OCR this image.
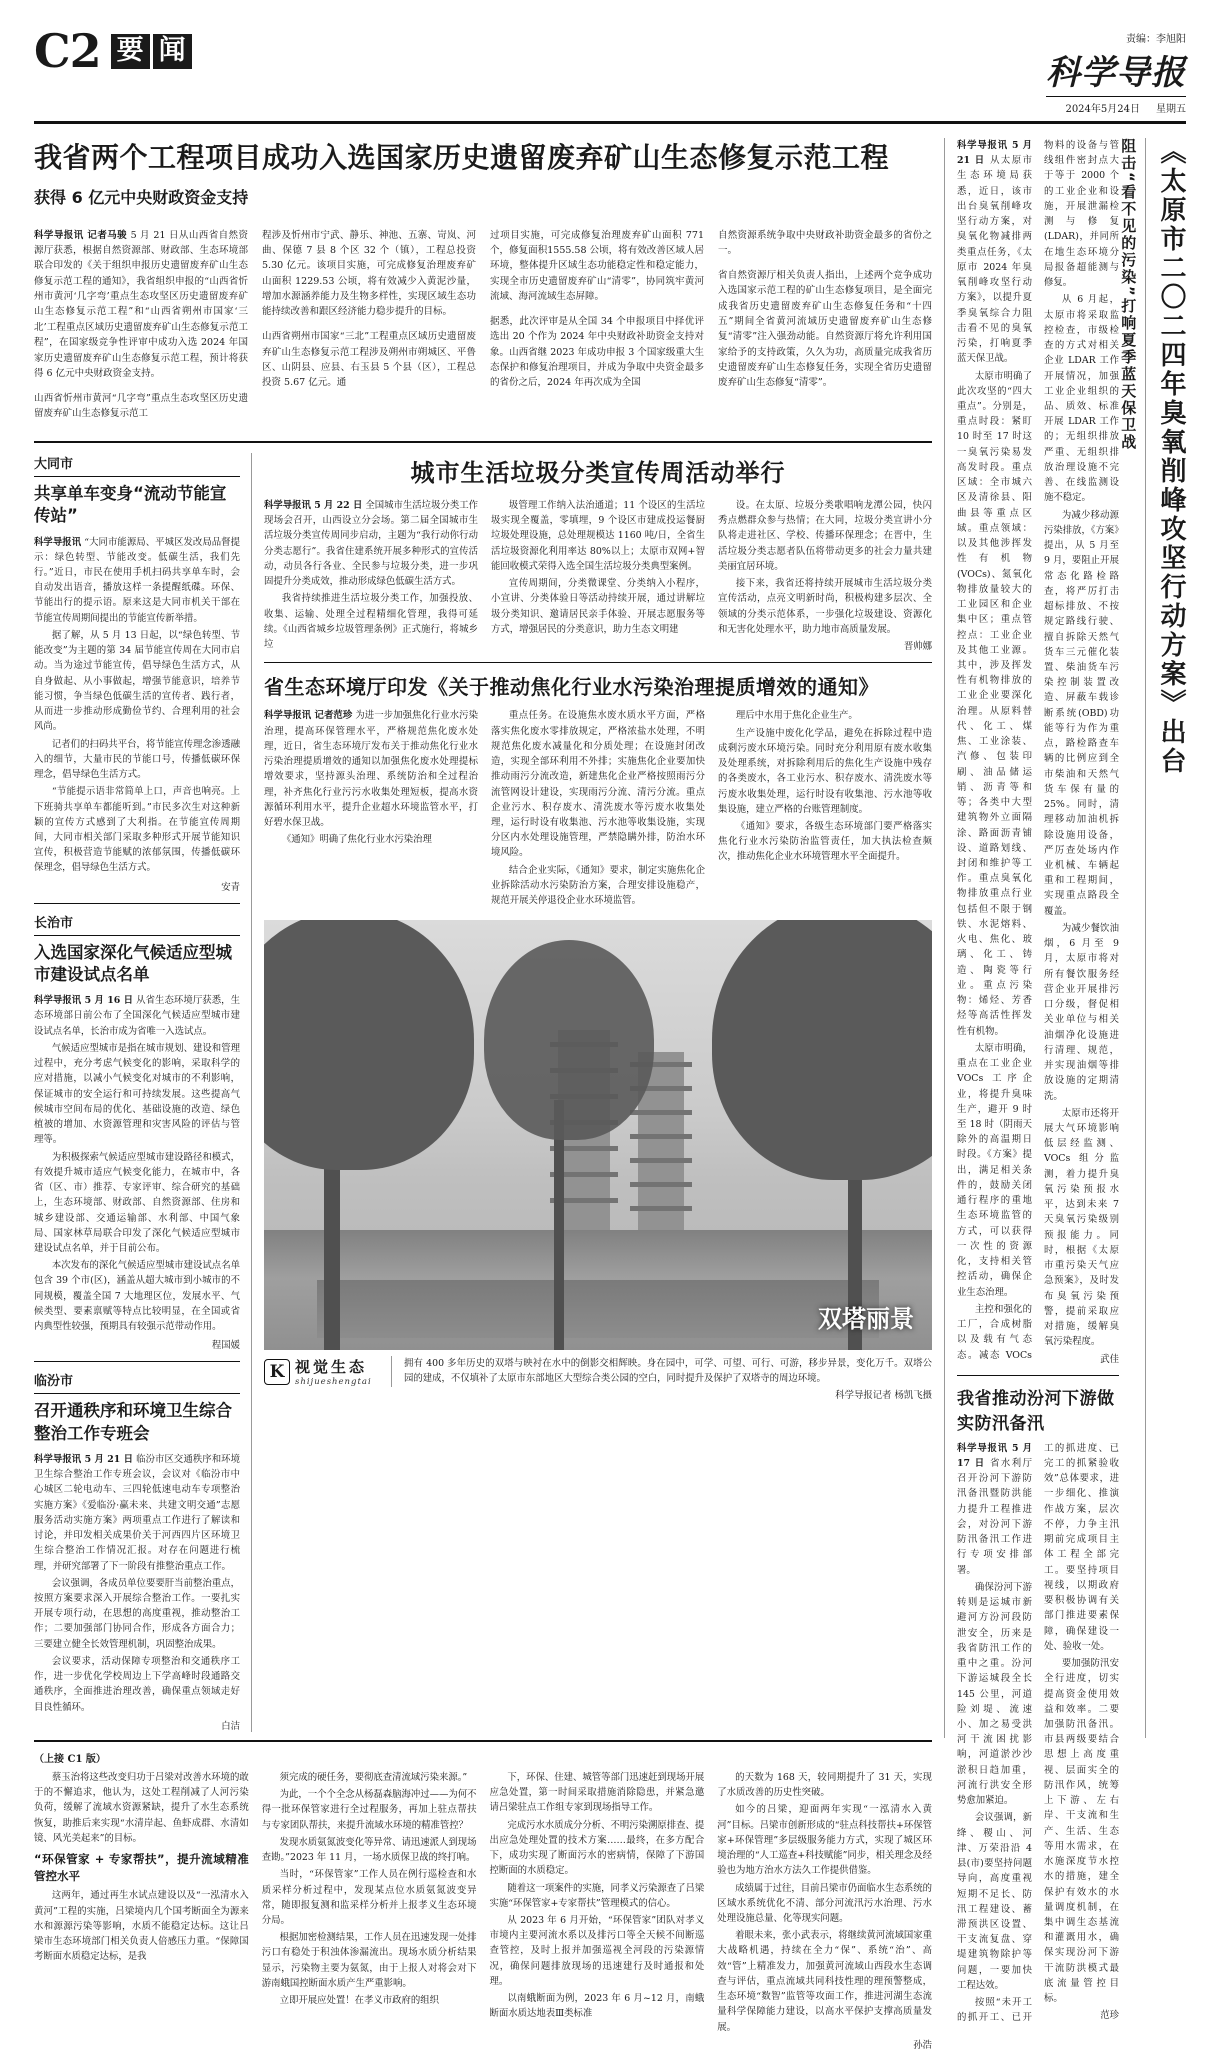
C2 要 闻	责编：李旭阳
科学导报
2024年5月24日 星期五
我省两个工程项目成功入选国家历史遗留废弃矿山生态修复示范工程
获得 6 亿元中央财政资金支持

科学导报讯 记者马骏 5 月 21 日从山西省自然资源厅获悉，根据自然资源部、财政部、生态环境部联合印发的《关于组织申报历史遗留废弃矿山生态修复示范工程的通知》，我省组织申报的“山西省忻州市黄河‘几字弯’重点生态攻坚区历史遗留废弃矿山生态修复示范工程”和“山西省朔州市国家‘三北’工程重点区域历史遗留废弃矿山生态修复示范工程”，在国家级竞争性评审中成功入选 2024 年国家历史遗留废弃矿山生态修复示范工程，预计将获得 6 亿元中央财政资金支持。

山西省忻州市黄河“几字弯”重点生态攻坚区历史遗留废弃矿山生态修复示范工

程涉及忻州市宁武、静乐、神池、五寨、岢岚、河曲、保德 7 县 8 个区 32 个（镇），工程总投资 5.30 亿元。该项目实施，可完成修复治理废弃矿山面积 1229.53 公顷，将有效减少入黄泥沙量，增加水源涵养能力及生物多样性，实现区域生态功能持续改善和跟区经济能力稳步提升的目标。

山西省朔州市国家“三北”工程重点区域历史遗留废弃矿山生态修复示范工程涉及朔州市朔城区、平鲁区、山阴县、应县、右玉县 5 个县（区），工程总投资 5.67 亿元。通

过项目实施，可完成修复治理废弃矿山面积 771 个，修复面积1555.58 公顷，将有效改善区域人居环境，整体提升区域生态功能稳定性和稳定能力，实现全市历史遗留废弃矿山“清零”，协同筑牢黄河流域、海河流域生态屏障。

据悉，此次评审是从全国 34 个申报项目中择优评选出 20 个作为 2024 年中央财政补助资金支持对象。山西省继 2023 年成功申报 3 个国家级重大生态保护和修复治理项目，并成为争取中央资金最多的省份之后，2024 年再次成为全国

自然资源系统争取中央财政补助资金最多的省份之一。

省自然资源厅相关负责人指出，上述两个竞争成功入选国家示范工程的矿山生态修复项目，是全面完成我省历史遗留废弃矿山生态修复任务和“十四五”期间全省黄河流域历史遗留废弃矿山生态修复“清零”注入强劲动能。自然资源厅将允许利用国家给予的支持政策，久久为功，高质量完成我省历史遗留废弃矿山生态修复任务，实现全省历史遗留废弃矿山生态修复“清零”。

大同市
共享单车变身“流动节能宣传站”

科学导报讯 “大同市能源局、平城区发改局品督提示：绿色转型、节能改变。低碳生活，我们先行。”近日，市民在使用手机扫码共享单车时，会自动发出语音，播放这样一条提醒纸碟。环保、节能出行的提示语。原来这是大同市机关干部在节能宣传周期间提出的节能宣传新举措。

据了解，从 5 月 13 日起，以“绿色转型、节能改变”为主题的第 34 届节能宣传周在大同市启动。当为途过节能宣传，倡导绿色生活方式，从自身做起、从小事做起，增强节能意识，培养节能习惯，争当绿色低碳生活的宣传者、践行者，从而进一步推动形成勤俭节约、合理利用的社会风尚。

记者们的扫码共平台，将节能宣传理念渗透融入的细节，大量市民的节能口号，传播低碳环保理念，倡导绿色生活方式。

“节能提示语非常简单上口，声音也响亮。上下班骑共享单车都能听到。”市民多次生对这种新颖的宣传方式感到了大利指。在节能宣传周期间，大同市相关部门采取多种形式开展节能知识宣传，积极营造节能赋的浓郁氛围，传播低碳环保理念，倡导绿色生活方式。

安青
长治市
入选国家深化气候适应型城市建设试点名单

科学导报讯 5 月 16 日 从省生态环境厅获悉，生态环境部日前公布了全国深化气候适应型城市建设试点名单，长治市成为省唯一入选试点。

气候适应型城市是指在城市规划、建设和管理过程中，充分考虑气候变化的影响，采取科学的应对措施，以减小气候变化对城市的不利影响，保证城市的安全运行和可持续发展。这些提高气候城市空间布局的优化、基础设施的改造、绿色植被的增加、水资源管理和灾害风险的评估与管理等。

为积极探索气候适应型城市建设路径和模式，有效提升城市适应气候变化能力，在城市中，各省（区、市）推荐、专家评审、综合研究的基础上，生态环境部、财政部、自然资源部、住房和城乡建设部、交通运输部、水利部、中国气象局、国家林草局联合印发了深化气候适应型城市建设试点名单，并于目前公布。

本次发布的深化气候适应型城市建设试点名单包含 39 个市(区)，涵盖从超大城市到小城市的不同规模，覆盖全国 7 大地理区位，发展水平、气候类型、要素禀赋等特点比较明显，在全国或省内典型性较强，预期具有较强示范带动作用。

程国媛
临汾市
召开通秩序和环境卫生综合整治工作专班会

科学导报讯 5 月 21 日 临汾市区交通秩序和环境卫生综合整治工作专班会议，会议对《临汾市中心城区二轮电动车、三四轮低速电动车专项整治实施方案》《爱临汾·赢未来、共建文明交通”志愿服务活动实施方案》两项重点工作进行了解读和讨论，并印发相关成果价关于河西四片区环境卫生综合整治工作情况汇报。对存在问题进行梳理，并研究部署了下一阶段有推整治重点工作。

会议强调，各成员单位要要肝当前整治重点，按照方案要求深入开展综合整治工作。一要扎实开展专项行动，在思想的高度重视，推动整治工作；二要加强部门协同合作，形成各方面合力；三要建立健全长效管理机制，巩固整治成果。

会议要求，活动保障专项整治和交通秩序工作，进一步优化学校周边上下学高峰时段通路交通秩序，全面推进治理改善，确保重点领域走好目良性循环。

白洁
城市生活垃圾分类宣传周活动举行

科学导报讯 5 月 22 日 全国城市生活垃圾分类工作现场会召开，山西设立分会场。第二届全国城市生活垃圾分类宣传周同步启动，主题为“我行动你行动分类志愿行”。我省住建系统开展多种形式的宣传活动，动员各行各业、全民参与垃圾分类，进一步巩固提升分类成效，推动形成绿色低碳生活方式。

我省持续推进生活垃圾分类工作，加强投放、收集、运输、处理全过程精细化管理，我得可延续。《山西省城乡垃圾管理条例》正式施行，将城乡垃

圾管理工作纳入法治通道；11 个设区的生活垃圾实现全覆盖，零填埋，9 个设区市建成投运餐厨垃圾处理设施，总处理规模达 1160 吨/日，全省生活垃圾资源化利用率达 80%以上；太原市双网+智能回收模式荣得入选全国生活垃圾分类典型案例。

宣传周期间，分类微课堂、分类纳入小程序，小宣讲、分类体验日等活动持续开展，通过讲解垃圾分类知识、邀请居民亲手体验、开展志愿服务等方式，增强居民的分类意识，助力生态文明建

设。在太原、垃圾分类歌唱响龙潭公园，快闪秀点燃群众参与热情；在大同，垃圾分类宣讲小分队将走进社区、学校、传播环保理念；在晋中，生活垃圾分类志愿者队伍将带动更多的社会力量共建美丽宜居环境。

接下来，我省还将持续开展城市生活垃圾分类宣传活动，点亮文明新时尚，积极构建多层次、全领域的分类示范体系，一步强化垃圾建设、资源化和无害化处理水平，助力地市高质量发展。

晋帅娜
省生态环境厅印发《关于推动焦化行业水污染治理提质增效的通知》

科学导报讯 记者范珍 为进一步加强焦化行业水污染治理，提高环保管理水平，严格规范焦化废水处理，近日，省生态环境厅发布关于推动焦化行业水污染治理提质增效的通知以加强焦化废水处理提标增效要求，坚持源头治理、系统防治和全过程治理，补齐焦化行业污污水收集处理短板，提高水资源循环利用水平，提升企业超水环境监管水平，打好碧水保卫战。

《通知》明确了焦化行业水污染治理

重点任务。在设施焦水废水质水平方面，严格落实焦化废水零排放规定，严格浓盐水处理，不明规范焦化废水减量化和分质处理；在设施封闭改造，实现全部环利用不外排；实施焦化企业要加快推动雨污分流改造，新建焦化企业严格按照雨污分流管网设计建设，实现雨污分流、清污分流。重点企业污水、积存废水、清洗废水等污废水收集处理，运行时设有收集池、污水池等收集设施，实现分区内水处理设施管理，严禁隐瞒外排，防治水环境风险。

结合企业实际，《通知》要求，制定实施焦化企业拆除活动水污染防治方案，合理安排设施稳产，规范开展关停退役企业水环境监管。

理后中水用于焦化企业生产。

生产设施中废化化学品，避免在拆除过程中造成剩污废水环境污染。同时充分利用原有废水收集及处理系统，对拆除利用后的焦化生产设施中残存的各类废水，各工业污水、积存废水、清洗废水等污废水收集处理，运行时设有收集池、污水池等收集设施，建立严格的台账管理制度。

《通知》要求，各级生态环境部门要严格落实焦化行业水污染防治监管责任，加大执法检查频次，推动焦化企业水环境管理水平全面提升。

双塔丽景
K 视觉生态
shijueshengtai
拥有 400 多年历史的双塔与映衬在水中的倒影交相辉映。身在园中，可学、可望、可行、可游，移步异景，变化万千。双塔公园的建成，不仅填补了太原市东部地区大型综合类公园的空白，同时提升及保护了双塔寺的周边环境。
科学导报记者 杨凯飞摄
（上接 C1 版）

蔡玉治将这些改变归功于吕梁对改善水环境的敢于的不懈追求，他认为，这处工程削减了人河污染负荷，缓解了流域水资源紧缺，提升了水生态系统恢复，助推后来实现“水清岸起、鱼虾成群、水清如镜、风光美起来”的目标。

“环保管家 + 专家帮扶”，提升流域精准管控水平

这两年，通过再生水试点建设以及“一泓清水入黄河”工程的实施，吕梁境内几个国考断面全为源来水和源源污染等影响，水质不能稳定达标。这让吕梁市生态环境部门相关负责人倍感压力重。“保障国考断面水质稳定达标，是我

须完成的硬任务，要彻底查清流域污染来源。”

为此，一个个全念从杨磊森脑海冲过——为何不得一批环保管家进行全过程服务，再加上驻点帮扶与专家团队帮扶，来提升流域水环境的精准管控？

发现水质氨氮波变化等异常、请迅速派人到现场查勘。”2023 年 11 月，一场水质保卫战的终打响。

当时，“环保管家”工作人员在例行巡检查和水质采样分析过程中，发现某点位水质氨氮波变异常，随即报复测和监采样分析并上报孝义生态环境分局。

根据加密检测结果，工作人员在迅速发现一处排污口有稳处于积浊体渗漏流出。现场水质分析结果显示，污染物主要为氨氮，由于上报人对将会对下游南蛾国控断面水质产生严重影响。

立即开展应处置！在孝义市政府的组织

下，环保、住建、城管等部门迅速赶到现场开展应急处置，第一时间采取措施消除隐患，并紧急邀请吕梁驻点工作组专家到现场指导工作。

完成污水水质成分分析、不明污染溯原排查、提出应急处理处置的技术方案……最终，在多方配合下，成功实现了断面污水的密病情，保障了下游国控断面的水质稳定。

随着这一项案件的实施，同孝义污染源查了吕梁实施“环保管家+专家帮扶”管理模式的信心。

从 2023 年 6 月开始，“环保管家”团队对孝义市境内主要河流水系以及排污口等全天候不间断巡查管控，及时上报并加强巡视全河段的污染源情况，确保问题排放现场的迅速建行及时通报和处理。

以南蛾断面为例，2023 年 6 月~12 月，南蛾断面水质达地表Ⅲ类标准

的天数为 168 天，较同期提升了 31 天，实现了水质改善的历史性突破。

如今的吕梁，迎面两年实现“一泓清水入黄河”目标。吕梁市创新形成的“驻点科技帮扶+环保管家+环保管理”多层级服务能力方式，实现了城区环境治理的“人工巡查+科技赋能”同步，相关理念及经验也为地方治水方法久工作提供借鉴。

成绩属于过往，目前吕梁市仍面临水生态系统的区域水系统优化不清、部分河流汛污水治理、污水处理设施总量、化等现实问题。

着眼未来，张小武表示，将继续黄河流域国家重大战略机遇，持续在全力“保”、系统“治”、高效“管”上精准发力，加强黄河流域山西段水生态调查与评估，重点流域共同科技性理的理预警整成，生态环境“数智”监管等攻面工作，推进河湖生态流量科学保障能力建设，以高水平保护支撑高质量发展。

孙浩
《太原市二〇二四年臭氧削峰攻坚行动方案》出台
阻击“看不见的污染”打响夏季蓝天保卫战

科学导报讯 5 月 21 日 从太原市生态环境局获悉，近日，该市出台臭氧削峰攻坚行动方案，对臭氧化物减排两类重点任务，《太原市 2024 年臭氧削峰攻坚行动方案》，以提升夏季臭氧综合力阻击看不见的臭氧污染，打响夏季蓝天保卫战。

太原市明确了此次攻坚的“四大重点”。分别是，重点时段：紧盯 10 时至 17 时这一臭氧污染易发高发时段。重点区域：全市城六区及清徐县、阳曲县等重点区域。重点领域：以及其他涉挥发性有机物(VOCs)、氮氧化物排放量较大的工业园区和企业集中区；重点管控点：工业企业及其他工业源。其中，涉及挥发性有机物排放的工业企业要深化治理。从原料替代、化工、煤焦、工业涂装、汽修、包装印刷、油品储运销、沥青等和等；各类中大型建筑物外立面隔涂、路面沥青铺设、道路划线、封闭和维护等工作。重点臭氧化物排放重点行业包括但不限于钢铁、水泥熔料、火电、焦化、玻璃、化工、铸造、陶瓷等行业。重点污染物：烯烃、芳香烃等高活性挥发性有机物。

太原市明确，重点在工业企业 VOCs 工序企业，将提升臭味生产，避开 9 时至 18 时（阴雨天除外的高温期日时段。《方案》提出，满足相关条件的，鼓励关闭通行程序的重地生态环境监管的方式，可以获得一次性的资源化，支持相关管控活动，确保企业生态治理。

主控和强化的工厂，合成树脂以及载有气态态。减态 VOCs 物料的设备与管线组件密封点大于等于 2000 个的工业企业和设施，开展泄漏检测与修复(LDAR)，并同所在地生态环境分局报备超能测与修复。

从 6 月起，太原市将采取监控检查，市级检查的方式对相关企业 LDAR 工作开展情况，加强工业企业组织的品、质效、标准开展 LDAR 工作的；无组织排放严重、无组织排放治理设施不完善、在线监测设施不稳定。

为减少移动源污染排放，《方案》提出，从 5 月至 9 月，要阻止开展常态化路检路查，将严厉打击超标排放、不按规定路线行驶、擅自拆除天然气货车三元催化装置、柴油货车污染控制装置改造、屏蔽车载诊断系统(OBD)功能等行为作为重点，路检路查车辆的比例应到全市柴油和天然气货车保有量的 25%。同时，清理移动加油机拆除设施用设备，严厉查处场内作业机械、车辆起重和工程期间，实现重点路段全覆盖。

为减少餐饮油烟，6 月至 9 月，太原市将对所有餐饮服务经营企业开展排污口分级，督促相关业单位与相关油烟净化设施进行清理、规范，并实现油烟等排放设施的定期清洗。

太原市还将开展大气环境影响低层经监测、VOCs 组分监测，着力提升臭氧污染预报水平，达到未来 7 天臭氧污染级别预报能力。同时，根据《太原市重污染天气应急预案》，及时发布臭氧污染预警，提前采取应对措施，缓解臭氧污染程度。

武佳
我省推动汾河下游做实防汛备汛

科学导报讯 5 月 17 日 省水利厅召开汾河下游防汛备汛暨防洪能力提升工程推进会，对汾河下游防汛备汛工作进行专项安排部署。

确保汾河下游转则是运城市新避河方汾河段防泄安全，历来是我省防汛工作的重中之重。汾河下游运城段全长 145 公里，河道险刘堤、流速小、加之易受洪河干流困扰影响，河道淤沙沙淤积日趋加重，河流行洪安全形势愈加紧迫。

会议强调，新绛、稷山、河津、万荣沿沿 4 县(市)要坚持问题导向，高度重视短期不足长、防汛工程建设、蓄滞预洪区设置、干支流复盘、穿堤建筑物除护等问题，一要加快工程达效。

按照“未开工的抓开工、已开工的抓进度、已完工的抓紧验收效”总体要求，进一步细化、推演作战方案，层次不停，力争主汛期前完成项目主体工程全部完工。要坚持项目视线，以期政府要积极协调有关部门推进要素保障，确保建设一处、验收一处。

要加强防汛安全行进度，切实提高资金使用效益和效率。二要加强防汛备汛。市县两级要结合思想上高度重视、层面实全的防汛作风，统筹上下游、左右岸、干支流和生产、生活、生态等用水需求，在水施深度节水控水的措施，建全保护有效水的水量调度机制，在集中调生态基流和灌溉用水，确保实现汾河下游干流防洪模式最底流量管控目标。

范珍
